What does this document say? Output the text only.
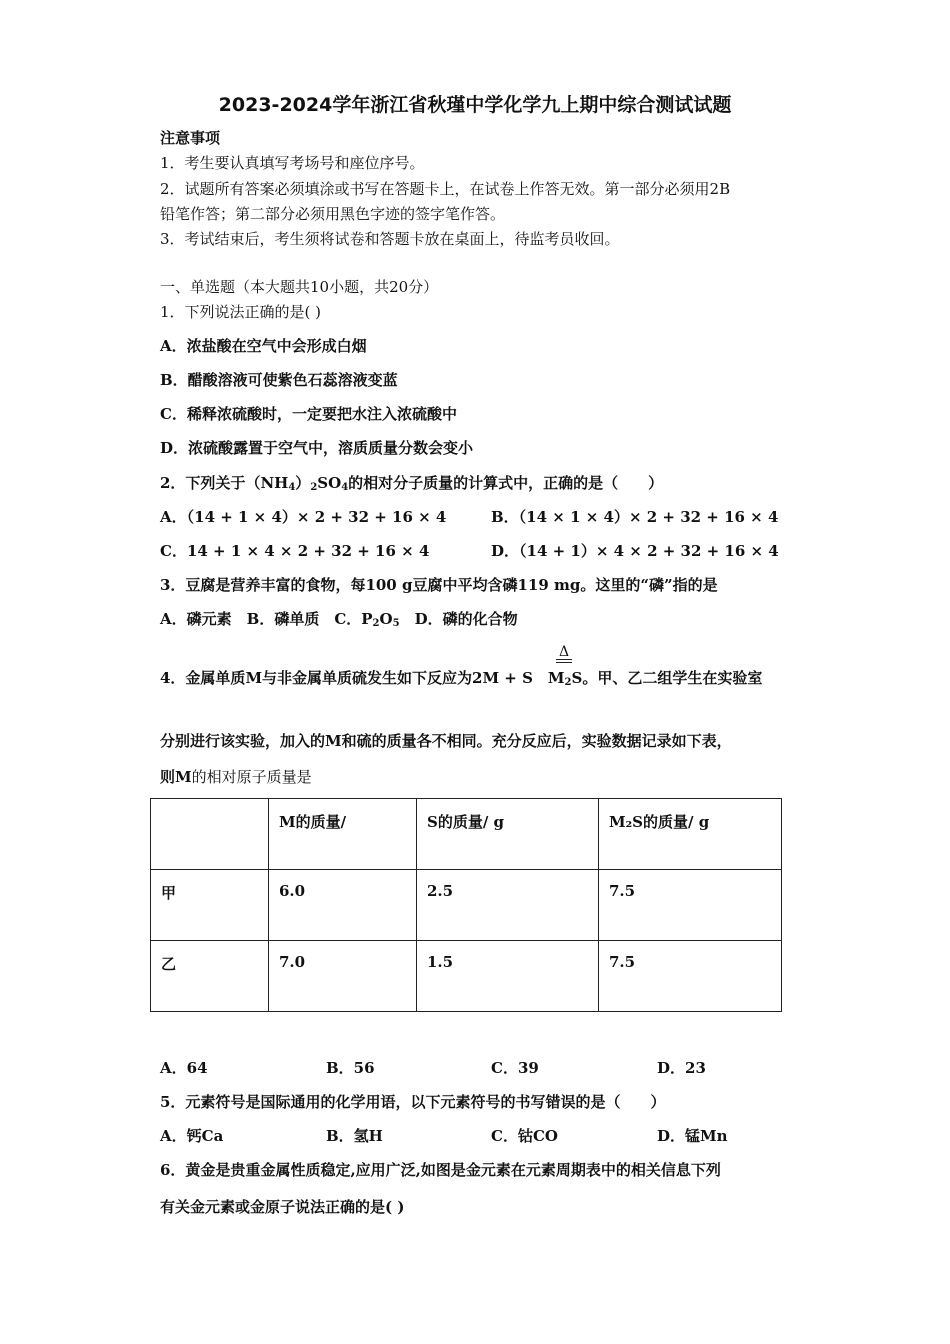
2023-2024学年浙江省秋瑾中学化学九上期中综合测试试题
注意事项
1．考生要认真填写考场号和座位序号。
2．试题所有答案必须填涂或书写在答题卡上，在试卷上作答无效。第一部分必须用2B
铅笔作答；第二部分必须用黑色字迹的签字笔作答。
3．考试结束后，考生须将试卷和答题卡放在桌面上，待监考员收回。
一、单选题（本大题共10小题，共20分）
1．下列说法正确的是( )
A．浓盐酸在空气中会形成白烟
B．醋酸溶液可使紫色石蕊溶液变蓝
C．稀释浓硫酸时，一定要把水注入浓硫酸中
D．浓硫酸露置于空气中，溶质质量分数会变小
2．下列关于$(NH_4)_2SO_4$的相对分子质量的计算式中，正确的是（　　）
A．（14 + 1 × 4）× 2 + 32 + 16 × 4	B．（14 × 1 × 4）× 2 + 32 + 16 × 4
C．14 + 1 × 4 × 2 + 32 + 16 × 4	D．（14 + 1）× 4 × 2 + 32 + 16 × 4
3．豆腐是营养丰富的食物，每100 g豆腐中平均含磷119 mg。这里的“磷”指的是
A．磷元素　B．磷单质　C．$P_2O_5$　D．磷的化合物
Δ
4．金属单质M与非金属单质硫发生如下反应为2M + S　$M_2S$。甲、乙二组学生在实验室
分别进行该实验，加入的M和硫的质量各不相同。充分反应后，实验数据记录如下表，
则M的相对原子质量是
	M的质量/	S的质量/ g	M₂S的质量/ g
甲	6.0	2.5	7.5
乙	7.0	1.5	7.5
A．64	B．56	C．39	D．23
5．元素符号是国际通用的化学用语，以下元素符号的书写错误的是（　　）
A．钙Ca	B．氢H	C．钴CO	D．锰Mn
6．黄金是贵重金属性质稳定,应用广泛,如图是金元素在元素周期表中的相关信息下列
有关金元素或金原子说法正确的是( )
